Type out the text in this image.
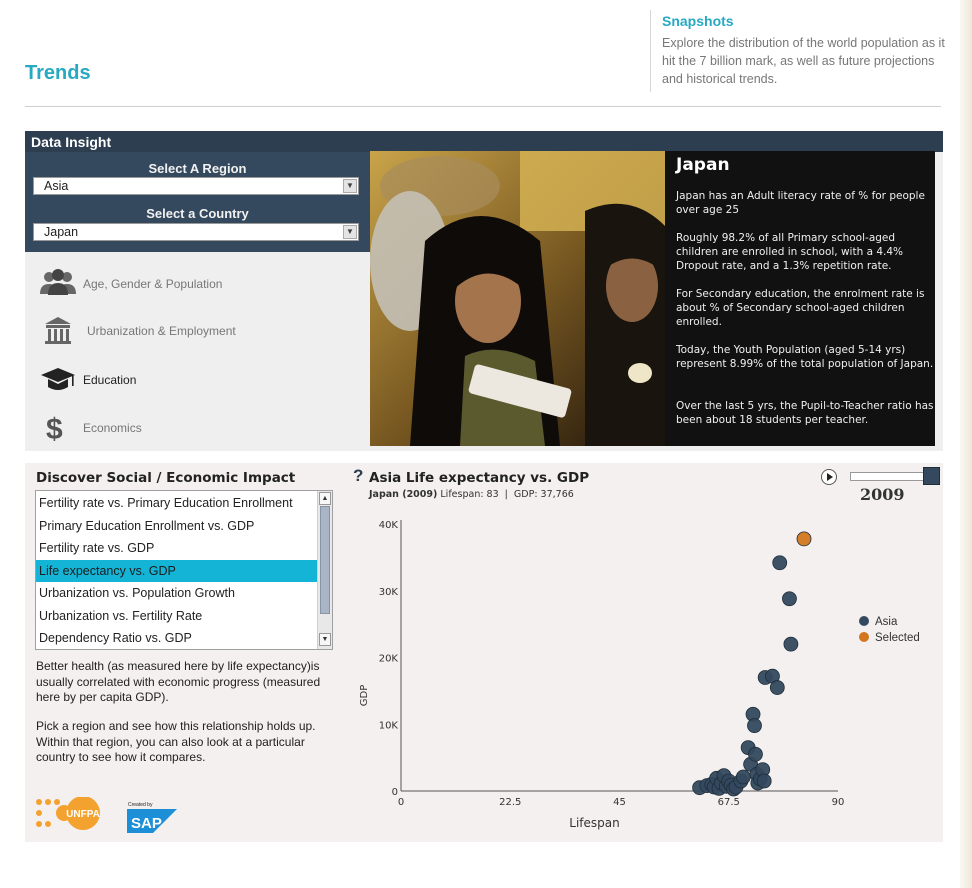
Trends
Snapshots
Explore the distribution of the world population as it hit the 7 billion mark, as well as future projections and historical trends.
Data Insight
Select A Region
Asia	▼
Select a Country
Japan	▼
Age, Gender & Population
Urbanization & Employment
Education
$ Economics
Japan
Japan has an Adult literacy rate of % for people over age 25
Roughly 98.2% of all Primary school-aged children are enrolled in school, with a 4.4% Dropout rate, and a 1.3% repetition rate.
For Secondary education, the enrolment rate is about % of Secondary school-aged children enrolled.
Today, the Youth Population (aged 5-14 yrs) represent 8.99% of the total population of Japan.
Over the last 5 yrs, the Pupil-to-Teacher ratio has been about 18 students per teacher.
Discover Social / Economic Impact
Fertility rate vs. Primary Education Enrollment
Primary Education Enrollment vs. GDP
Fertility rate vs. GDP
Life expectancy vs. GDP
Urbanization vs. Population Growth
Urbanization vs. Fertility Rate
Dependency Ratio vs. GDP
▲
▼
Better health (as measured here by life expectancy)is usually correlated with economic progress (measured here by per capita GDP).
Pick a region and see how this relationship holds up. Within that region, you can also look at a particular country to see how it compares.
UNFPA
Created by
SAP
? Asia Life expectancy vs. GDP
Japan (2009) Lifespan: 83  |  GDP: 37,766	2009
0	22.5	45	67.5	90
0
10K
20K
30K
40K
Lifespan
GDP
Asia
Selected
